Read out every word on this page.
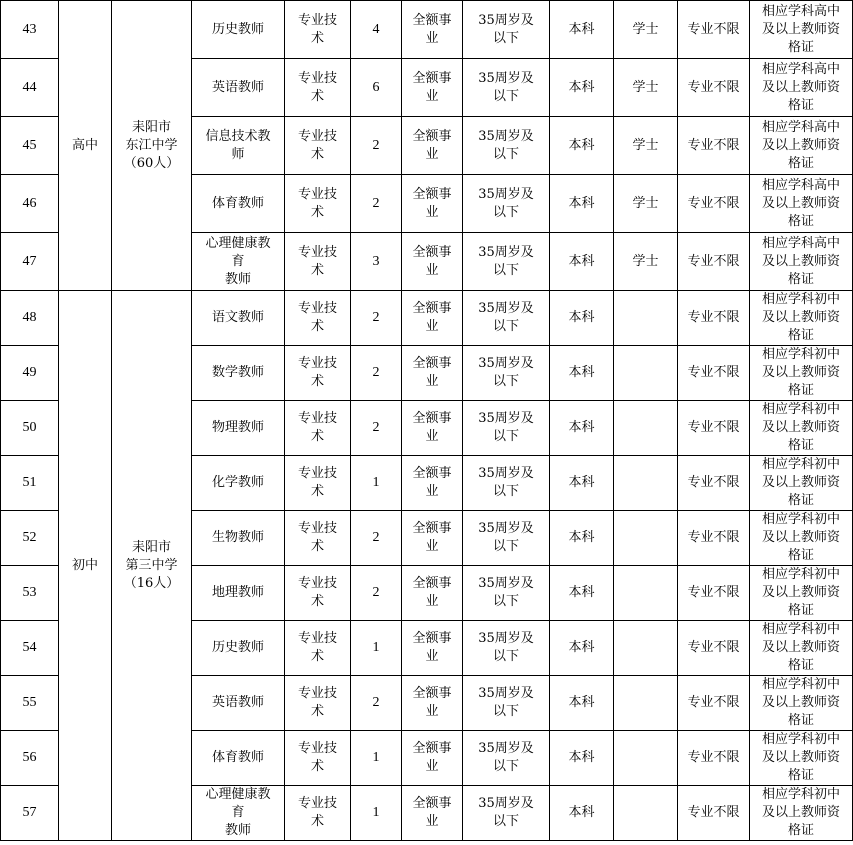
43	高中	耒阳市
东江中学
（60人）	历史教师	专业技
术	4	全额事
业	35周岁及
以下	本科	学士	专业不限	相应学科高中
及以上教师资
格证
44			英语教师	专业技
术	6	全额事
业	35周岁及
以下	本科	学士	专业不限	相应学科高中
及以上教师资
格证
45			信息技术教
师	专业技
术	2	全额事
业	35周岁及
以下	本科	学士	专业不限	相应学科高中
及以上教师资
格证
46			体育教师	专业技
术	2	全额事
业	35周岁及
以下	本科	学士	专业不限	相应学科高中
及以上教师资
格证
47			心理健康教
育
教师	专业技
术	3	全额事
业	35周岁及
以下	本科	学士	专业不限	相应学科高中
及以上教师资
格证
48	初中	耒阳市
第三中学
（16人）	语文教师	专业技
术	2	全额事
业	35周岁及
以下	本科		专业不限	相应学科初中
及以上教师资
格证
49			数学教师	专业技
术	2	全额事
业	35周岁及
以下	本科		专业不限	相应学科初中
及以上教师资
格证
50			物理教师	专业技
术	2	全额事
业	35周岁及
以下	本科		专业不限	相应学科初中
及以上教师资
格证
51			化学教师	专业技
术	1	全额事
业	35周岁及
以下	本科		专业不限	相应学科初中
及以上教师资
格证
52			生物教师	专业技
术	2	全额事
业	35周岁及
以下	本科		专业不限	相应学科初中
及以上教师资
格证
53			地理教师	专业技
术	2	全额事
业	35周岁及
以下	本科		专业不限	相应学科初中
及以上教师资
格证
54			历史教师	专业技
术	1	全额事
业	35周岁及
以下	本科		专业不限	相应学科初中
及以上教师资
格证
55			英语教师	专业技
术	2	全额事
业	35周岁及
以下	本科		专业不限	相应学科初中
及以上教师资
格证
56			体育教师	专业技
术	1	全额事
业	35周岁及
以下	本科		专业不限	相应学科初中
及以上教师资
格证
57			心理健康教
育
教师	专业技
术	1	全额事
业	35周岁及
以下	本科		专业不限	相应学科初中
及以上教师资
格证
